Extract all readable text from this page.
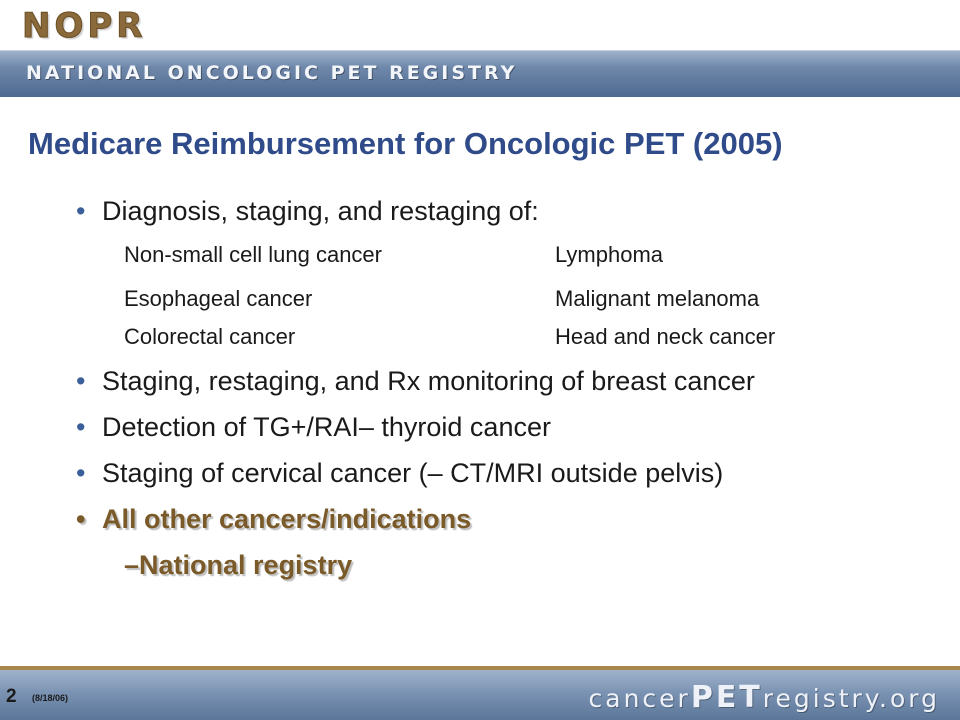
NOPR
NATIONAL ONCOLOGIC PET REGISTRY
Medicare Reimbursement for Oncologic PET (2005)
• Diagnosis, staging, and restaging of:
Non-small cell lung cancer	Lymphoma
Esophageal cancer	Malignant melanoma
Colorectal cancer	Head and neck cancer
• Staging, restaging, and Rx monitoring of breast cancer
• Detection of TG+/RAI– thyroid cancer
• Staging of cervical cancer (– CT/MRI outside pelvis)
• All other cancers/indications
–National registry
2 (8/18/06)	cancerPETregistry.org
